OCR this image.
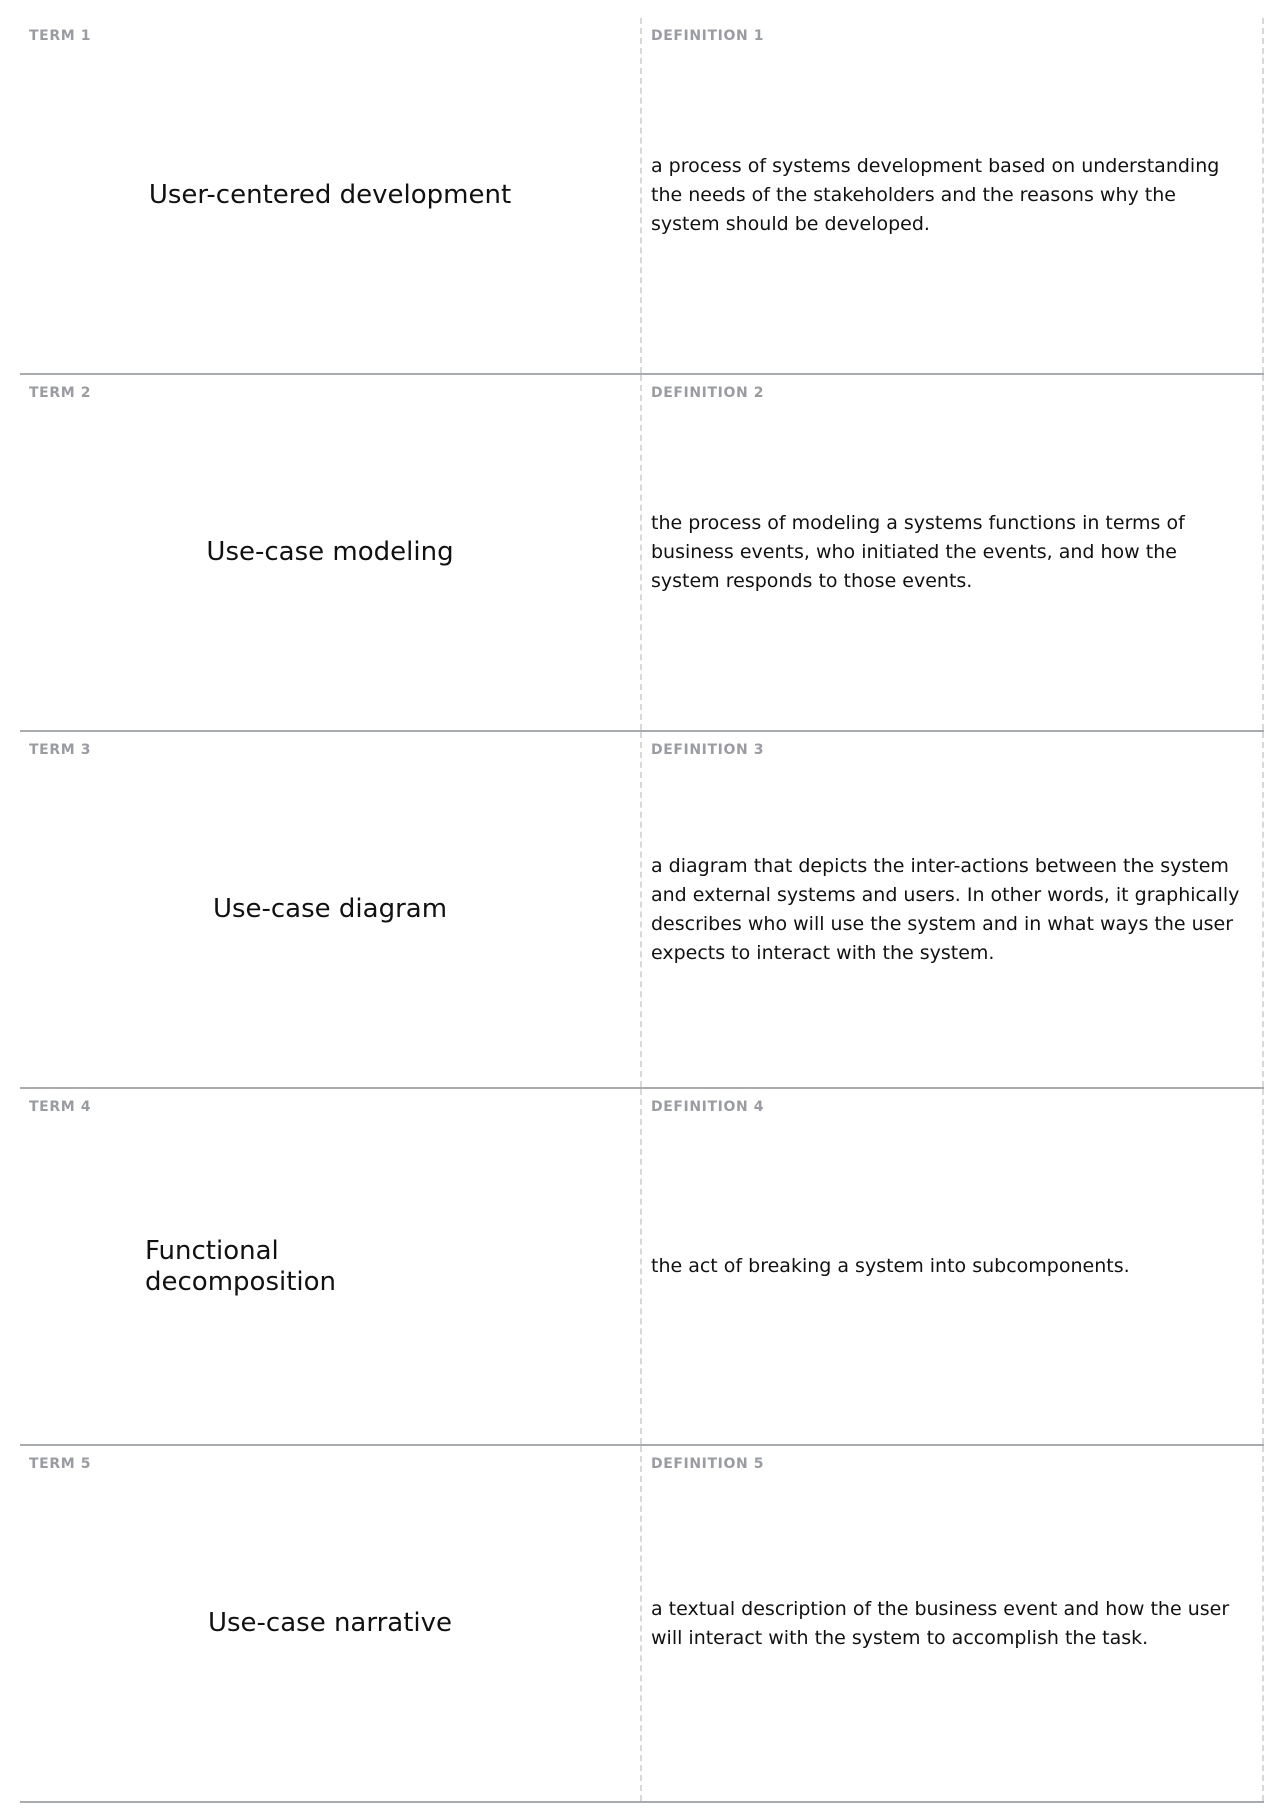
TERM 1
User-centered development
DEFINITION 1
a process of systems development based on understanding the needs of the stakeholders and the reasons why the system should be developed.
TERM 2
Use-case modeling
DEFINITION 2
the process of modeling a systems functions in terms of business events, who initiated the events, and how the system responds to those events.
TERM 3
Use-case diagram
DEFINITION 3
a diagram that depicts the inter-actions between the system and external systems and users. In other words, it graphically describes who will use the system and in what ways the user expects to interact with the system.
TERM 4
Functional decomposition
DEFINITION 4
the act of breaking a system into subcomponents.
TERM 5
Use-case narrative
DEFINITION 5
a textual description of the business event and how the user will interact with the system to accomplish the task.
